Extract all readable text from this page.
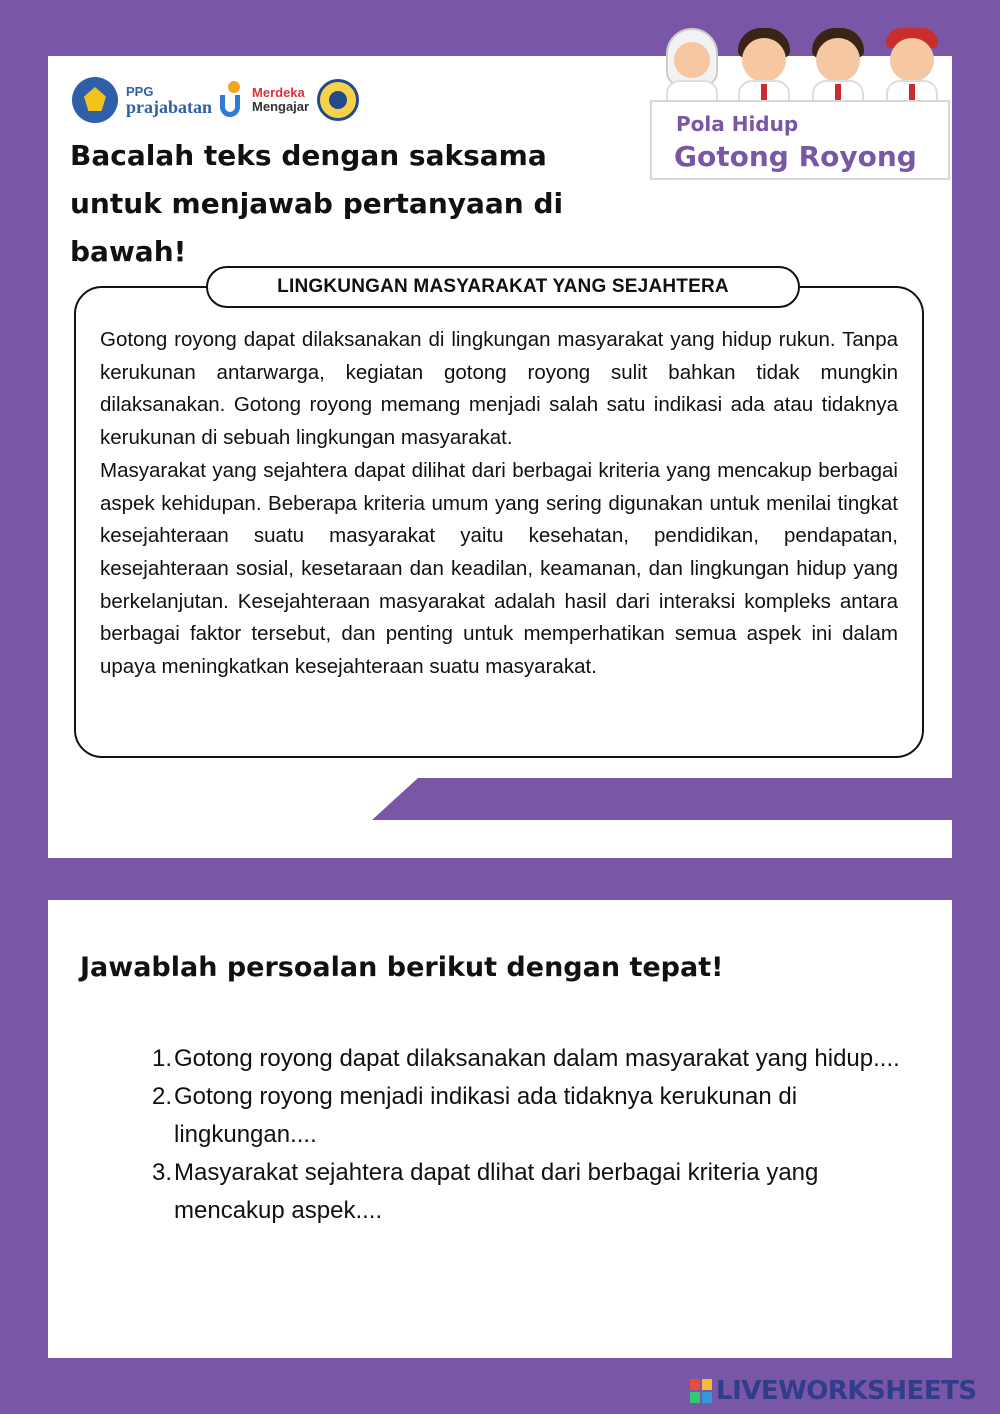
PPG
prajabatan
Merdeka
Mengajar
Bacalah teks dengan saksama untuk menjawab pertanyaan di bawah!
Pola Hidup
Gotong Royong
LINGKUNGAN MASYARAKAT YANG SEJAHTERA

Gotong royong dapat dilaksanakan di lingkungan masyarakat yang hidup rukun. Tanpa kerukunan antarwarga, kegiatan gotong royong sulit bahkan tidak mungkin dilaksanakan. Gotong royong memang menjadi salah satu indikasi ada atau tidaknya kerukunan di sebuah lingkungan masyarakat.

Masyarakat yang sejahtera dapat dilihat dari berbagai kriteria yang mencakup berbagai aspek kehidupan. Beberapa kriteria umum yang sering digunakan untuk menilai tingkat kesejahteraan suatu masyarakat yaitu kesehatan, pendidikan, pendapatan, kesejahteraan sosial, kesetaraan dan keadilan, keamanan, dan lingkungan hidup yang berkelanjutan. Kesejahteraan masyarakat adalah hasil dari interaksi kompleks antara berbagai faktor tersebut, dan penting untuk memperhatikan semua aspek ini dalam upaya meningkatkan kesejahteraan suatu masyarakat.

Jawablah persoalan berikut dengan tepat!
1. Gotong royong dapat dilaksanakan dalam masyarakat yang hidup....
2. Gotong royong menjadi indikasi ada tidaknya kerukunan di lingkungan....
3. Masyarakat sejahtera dapat dlihat dari berbagai kriteria yang mencakup aspek....
LIVEWORKSHEETS
